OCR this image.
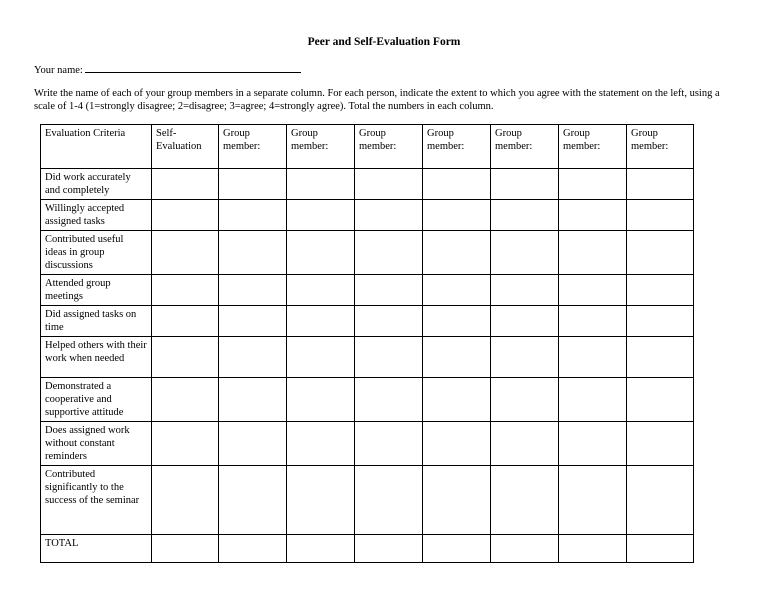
Peer and Self-Evaluation Form
Your name:
Write the name of each of your group members in a separate column. For each person, indicate the extent to which you agree with the statement on the left, using a scale of 1-4 (1=strongly disagree; 2=disagree; 3=agree; 4=strongly agree). Total the numbers in each column.
Evaluation Criteria	Self-Evaluation	Group member:	Group member:	Group member:	Group member:	Group member:	Group member:	Group member:
Did work accurately and completely								
Willingly accepted assigned tasks								
Contributed useful ideas in group discussions								
Attended group meetings								
Did assigned tasks on time								
Helped others with their work when needed								
Demonstrated a cooperative and supportive attitude								
Does assigned work without constant reminders								
Contributed significantly to the success of the seminar								
TOTAL								
